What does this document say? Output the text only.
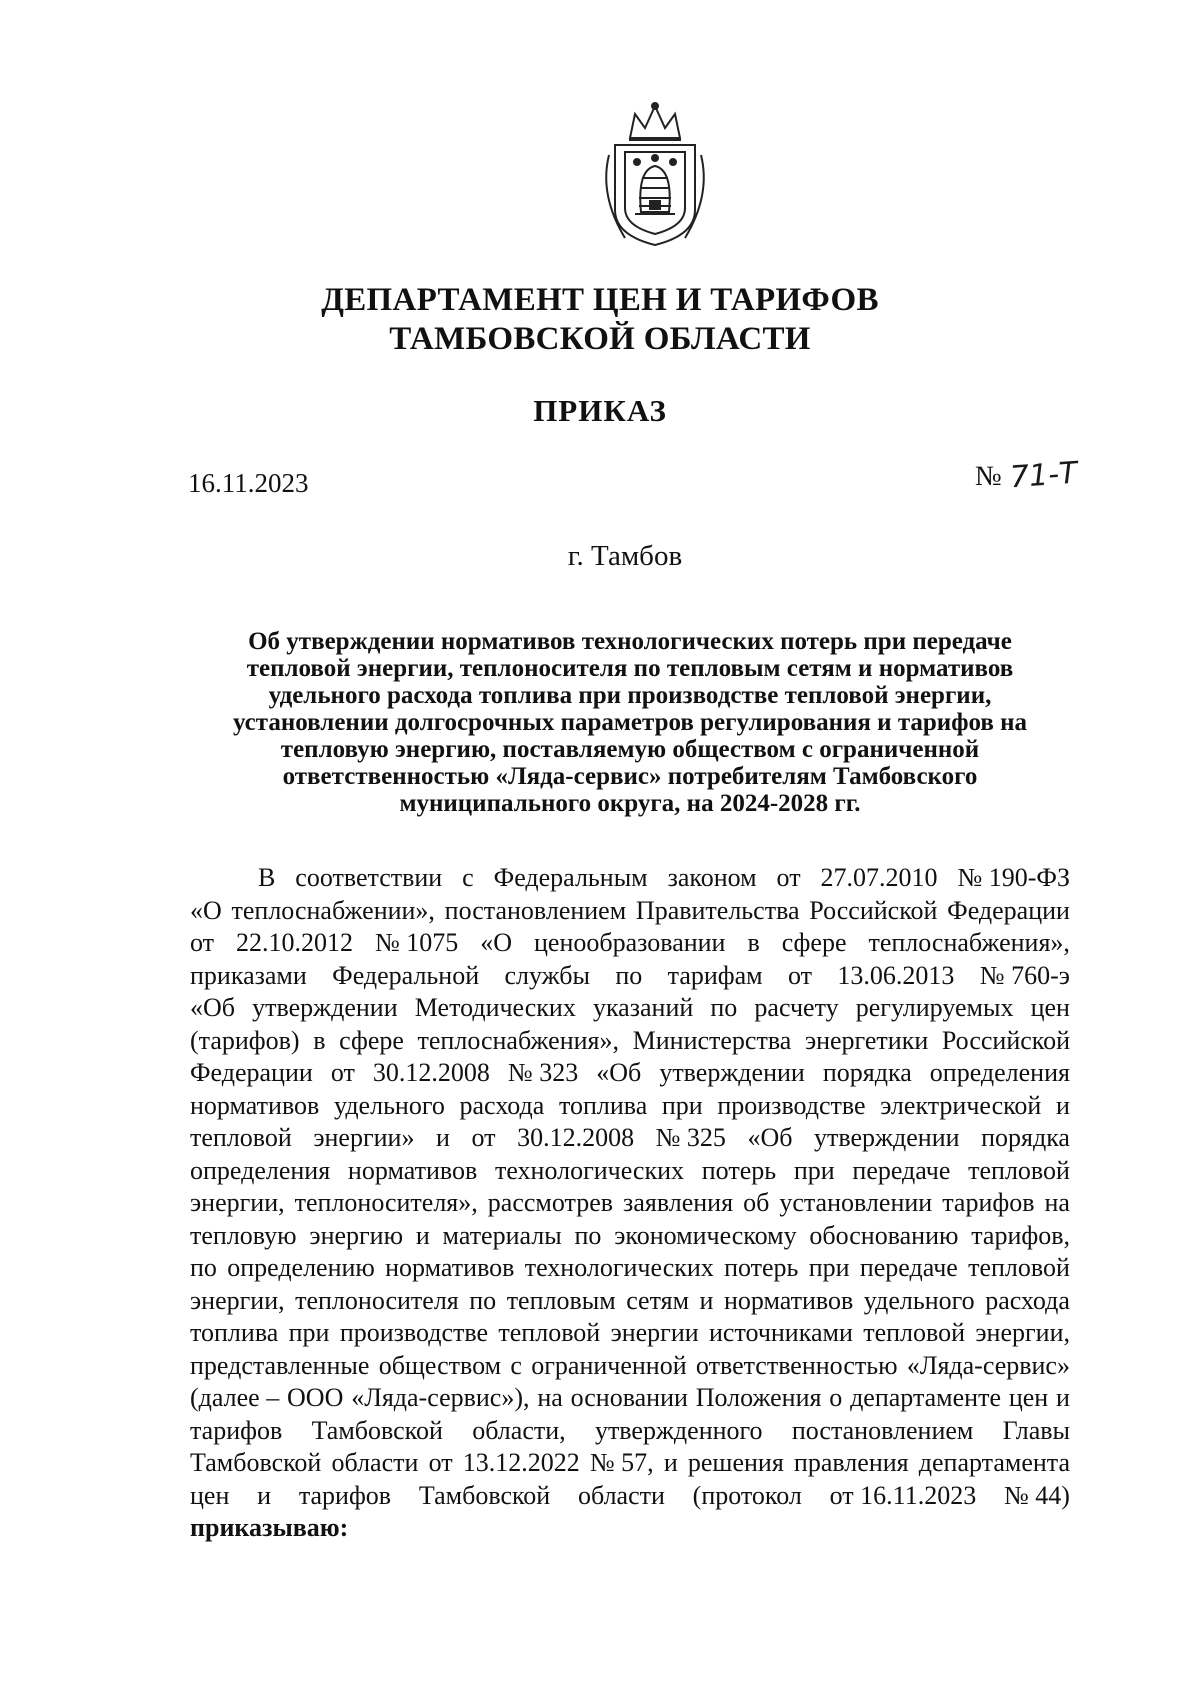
ДЕПАРТАМЕНТ ЦЕН И ТАРИФОВ
ТАМБОВСКОЙ ОБЛАСТИ
ПРИКАЗ
16.11.2023	№ 71-Т
г. Тамбов
Об утверждении нормативов технологических потерь при передаче
тепловой энергии, теплоносителя по тепловым сетям и нормативов
удельного расхода топлива при производстве тепловой энергии,
установлении долгосрочных параметров регулирования и тарифов на
тепловую энергию, поставляемую обществом с ограниченной
ответственностью «Ляда-сервис» потребителям Тамбовского
муниципального округа, на 2024-2028 гг.
В соответствии с Федеральным законом от 27.07.2010 № 190-ФЗ
«О теплоснабжении», постановлением Правительства Российской Федерации
от 22.10.2012 № 1075 «О ценообразовании в сфере теплоснабжения»,
приказами Федеральной службы по тарифам от 13.06.2013 № 760-э
«Об утверждении Методических указаний по расчету регулируемых цен
(тарифов) в сфере теплоснабжения», Министерства энергетики Российской
Федерации от 30.12.2008 № 323 «Об утверждении порядка определения
нормативов удельного расхода топлива при производстве электрической и
тепловой энергии» и от 30.12.2008 № 325 «Об утверждении порядка
определения нормативов технологических потерь при передаче тепловой
энергии, теплоносителя», рассмотрев заявления об установлении тарифов на
тепловую энергию и материалы по экономическому обоснованию тарифов,
по определению нормативов технологических потерь при передаче тепловой
энергии, теплоносителя по тепловым сетям и нормативов удельного расхода
топлива при производстве тепловой энергии источниками тепловой энергии,
представленные обществом с ограниченной ответственностью «Ляда-сервис»
(далее – ООО «Ляда-сервис»), на основании Положения о департаменте цен и
тарифов Тамбовской области, утвержденного постановлением Главы
Тамбовской области от 13.12.2022 № 57, и решения правления департамента
цен и тарифов Тамбовской области (протокол от 16.11.2023 № 44)
приказываю:
